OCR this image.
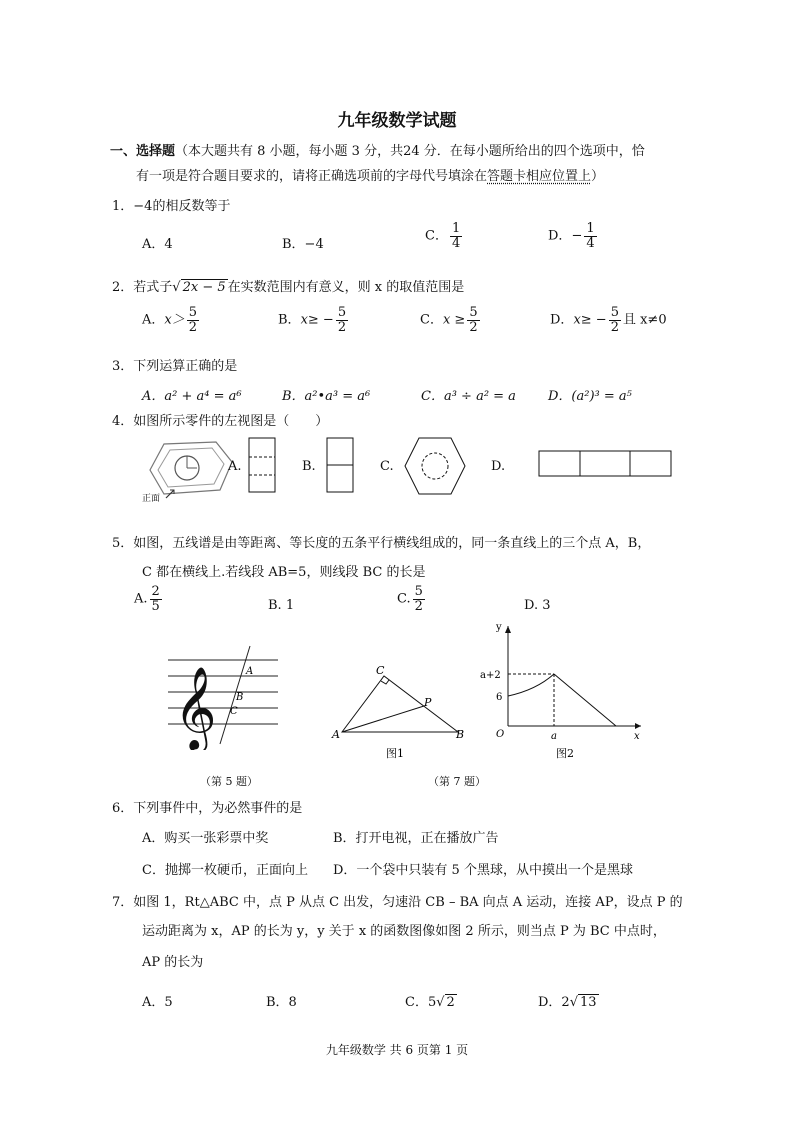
九年级数学试题
一、选择题（本大题共有 8 小题，每小题 3 分，共24 分．在每小题所给出的四个选项中，恰
有一项是符合题目要求的，请将正确选项前的字母代号填涂在答题卡相应位置上）
1．−4的相反数等于
A．4	B．−4
C． $\frac{1}{4}$	D．− $\frac{1}{4}$
2．若式子√ 2x − 5 在实数范围内有意义，则 x 的取值范围是
A．$x> \frac{5}{2}$	B．$x\ge - \frac{5}{2}$	C．$x \ge \frac{5}{2}$	D．$x\ge - \frac{5}{2}$ 且 x≠0
3．下列运算正确的是
A．a² + a⁴ = a⁶	B．a²•a³ = a⁶	C．a³ ÷ a² = a D．(a²)³ = a⁵
4．如图所示零件的左视图是（　　）
正面
A.	B.	C.	D.
5．如图，五线谱是由等距离、等长度的五条平行横线组成的，同一条直线上的三个点 A，B，
C 都在横线上.若线段 AB=5，则线段 BC 的长是
A. $\frac{2}{5}$	B. 1	C. $\frac{5}{2}$	D. 3
𝄞	A
B
C
（第 5 题）
A
C
P
B
图1
y
a+2
6
O	a	x
图2
（第 7 题）
6．下列事件中，为必然事件的是
A．购买一张彩票中奖	B．打开电视，正在播放广告
C．抛掷一枚硬币，正面向上 D．一个袋中只装有 5 个黑球，从中摸出一个是黑球
7．如图 1，Rt△ABC 中，点 P 从点 C 出发，匀速沿 CB – BA 向点 A 运动，连接 AP，设点 P 的
运动距离为 x，AP 的长为 y，y 关于 x 的函数图像如图 2 所示，则当点 P 为 BC 中点时，
AP 的长为
A．5	B．8	C．5√ 2	D．2√ 13
九年级数学 共 6 页第 1 页
